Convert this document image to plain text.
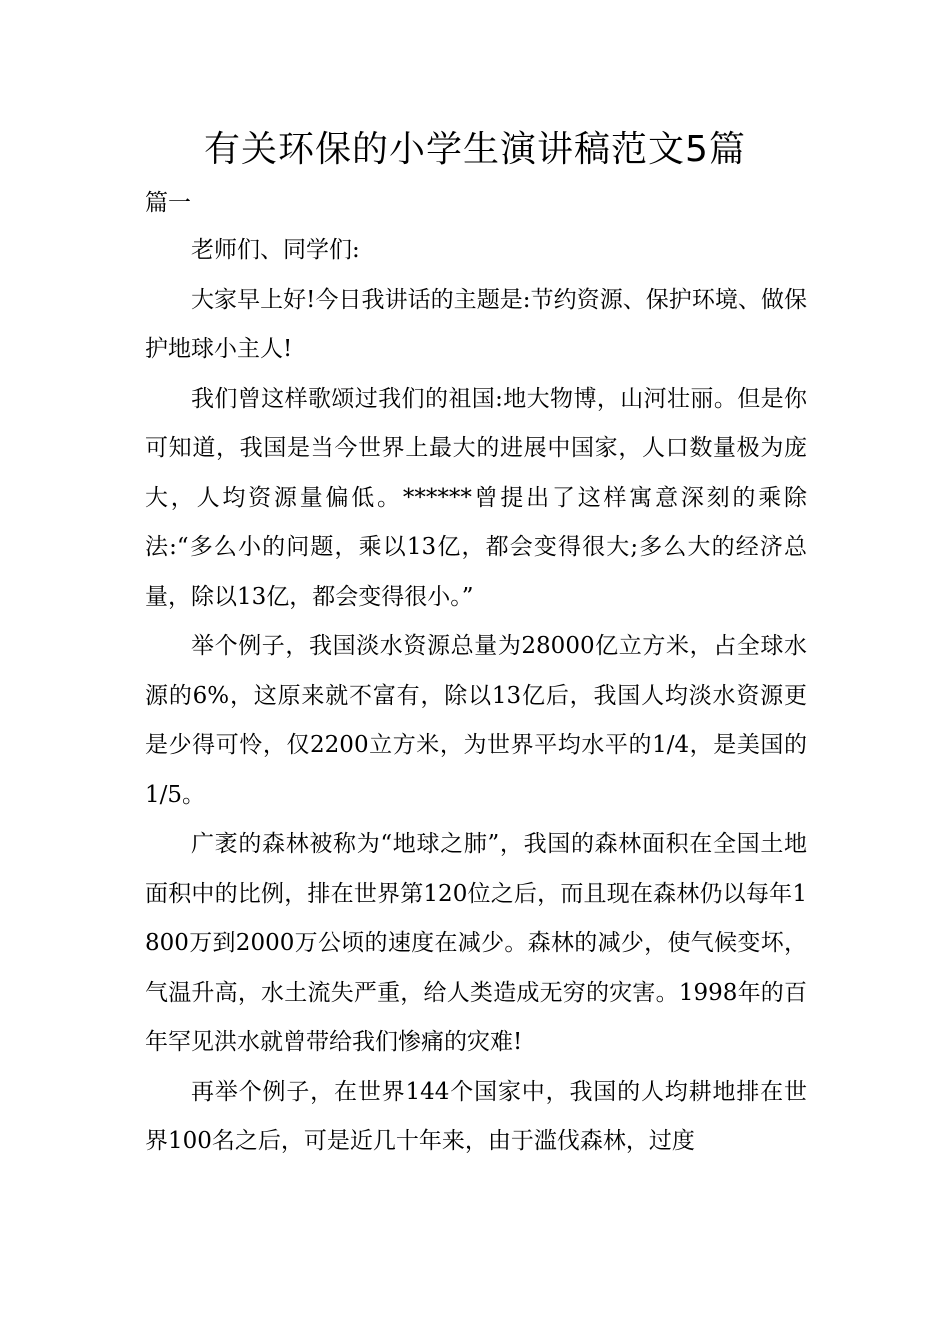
有关环保的小学生演讲稿范文5篇
篇一

老师们、同学们:

大家早上好!今日我讲话的主题是:节约资源、保护环境、做保护地球小主人!

我们曾这样歌颂过我们的祖国:地大物博，山河壮丽。但是你可知道，我国是当今世界上最大的进展中国家，人口数量极为庞大，人均资源量偏低。******曾提出了这样寓意深刻的乘除法:“多么小的问题，乘以13亿，都会变得很大;多么大的经济总量，除以13亿，都会变得很小。”

举个例子，我国淡水资源总量为28000亿立方米，占全球水源的6%，这原来就不富有，除以13亿后，我国人均淡水资源更是少得可怜，仅2200立方米，为世界平均水平的1/4，是美国的1/5。

广袤的森林被称为“地球之肺”，我国的森林面积在全国土地面积中的比例，排在世界第120位之后，而且现在森林仍以每年1800万到2000万公顷的速度在减少。森林的减少，使气候变坏，气温升高，水土流失严重，给人类造成无穷的灾害。1998年的百年罕见洪水就曾带给我们惨痛的灾难!

再举个例子，在世界144个国家中，我国的人均耕地排在世界100名之后，可是近几十年来，由于滥伐森林，过度
